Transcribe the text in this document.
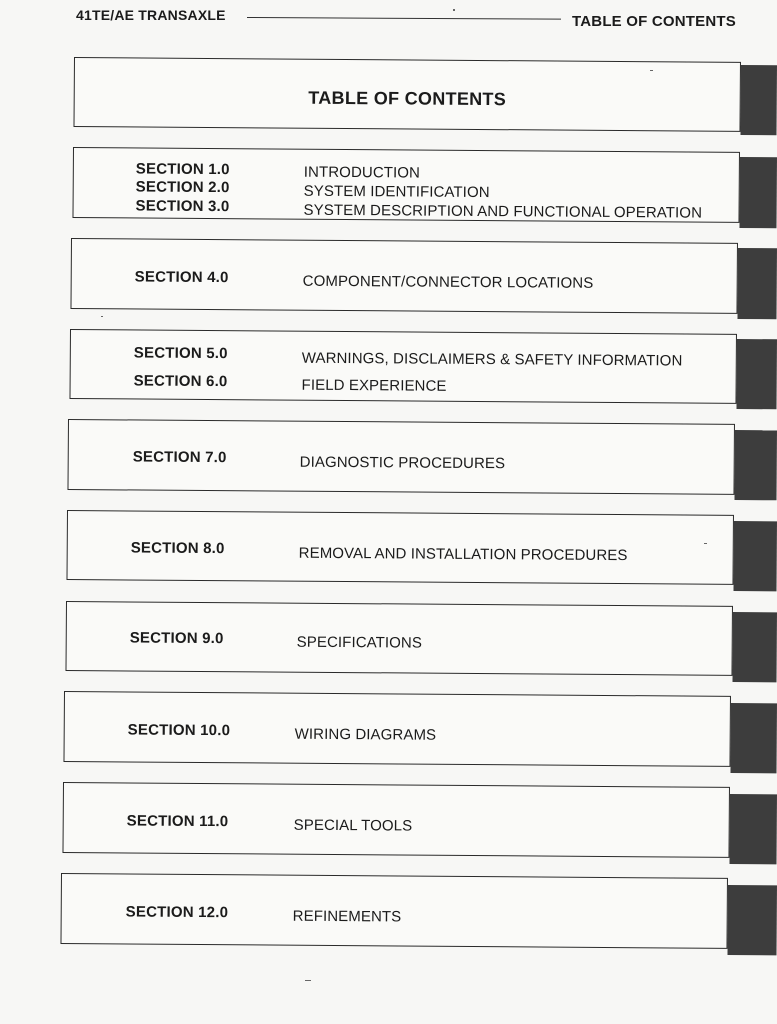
41TE/AE TRANSAXLE	TABLE OF CONTENTS
TABLE OF CONTENTS
SECTION 1.0	INTRODUCTION
SECTION 2.0	SYSTEM IDENTIFICATION
SECTION 3.0	SYSTEM DESCRIPTION AND FUNCTIONAL OPERATION
SECTION 4.0	COMPONENT/CONNECTOR LOCATIONS
SECTION 5.0	WARNINGS, DISCLAIMERS & SAFETY INFORMATION
SECTION 6.0	FIELD EXPERIENCE
SECTION 7.0	DIAGNOSTIC PROCEDURES
SECTION 8.0	REMOVAL AND INSTALLATION PROCEDURES
SECTION 9.0	SPECIFICATIONS
SECTION 10.0	WIRING DIAGRAMS
SECTION 11.0	SPECIAL TOOLS
SECTION 12.0	REFINEMENTS
